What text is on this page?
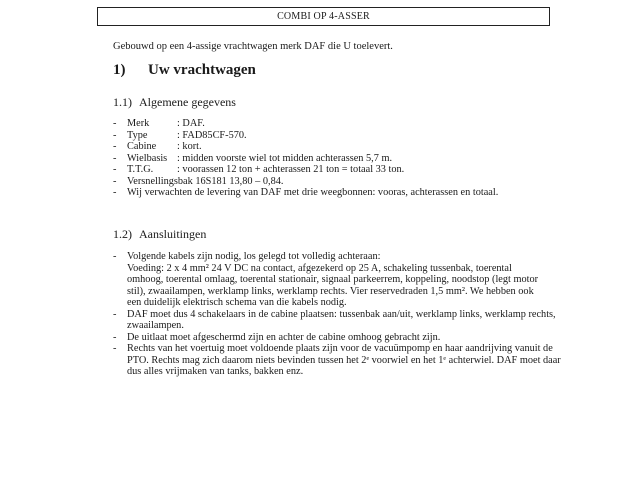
COMBI OP 4-ASSER
Gebouwd op een 4-assige vrachtwagen merk DAF die U toelevert.
1) Uw vrachtwagen
1.1) Algemene gegevens
-	Merk	: DAF.
-	Type	: FAD85CF-570.
-	Cabine	: kort.
-	Wielbasis : midden voorste wiel tot midden achterassen 5,7 m.
-	T.T.G.	: voorassen 12 ton + achterassen 21 ton = totaal 33 ton.
-	Versnellingsbak 16S181 13,80 – 0,84.
-	Wij verwachten de levering van DAF met drie weegbonnen: vooras, achterassen en totaal.
1.2) Aansluitingen
-	Volgende kabels zijn nodig, los gelegd tot volledig achteraan:
Voeding: 2 x 4 mm² 24 V DC na contact, afgezekerd op 25 A, schakeling tussenbak, toerental
omhoog, toerental omlaag, toerental stationair, signaal parkeerrem, koppeling, noodstop (legt motor
stil), zwaailampen, werklamp links, werklamp rechts. Vier reservedraden 1,5 mm². We hebben ook
een duidelijk elektrisch schema van die kabels nodig.
-	DAF moet dus 4 schakelaars in de cabine plaatsen: tussenbak aan/uit, werklamp links, werklamp rechts,
zwaailampen.
-	De uitlaat moet afgeschermd zijn en achter de cabine omhoog gebracht zijn.
-	Rechts van het voertuig moet voldoende plaats zijn voor de vacuümpomp en haar aandrijving vanuit de
PTO. Rechts mag zich daarom niets bevinden tussen het 2ᵉ voorwiel en het 1ᵉ achterwiel. DAF moet daar
dus alles vrijmaken van tanks, bakken enz.
